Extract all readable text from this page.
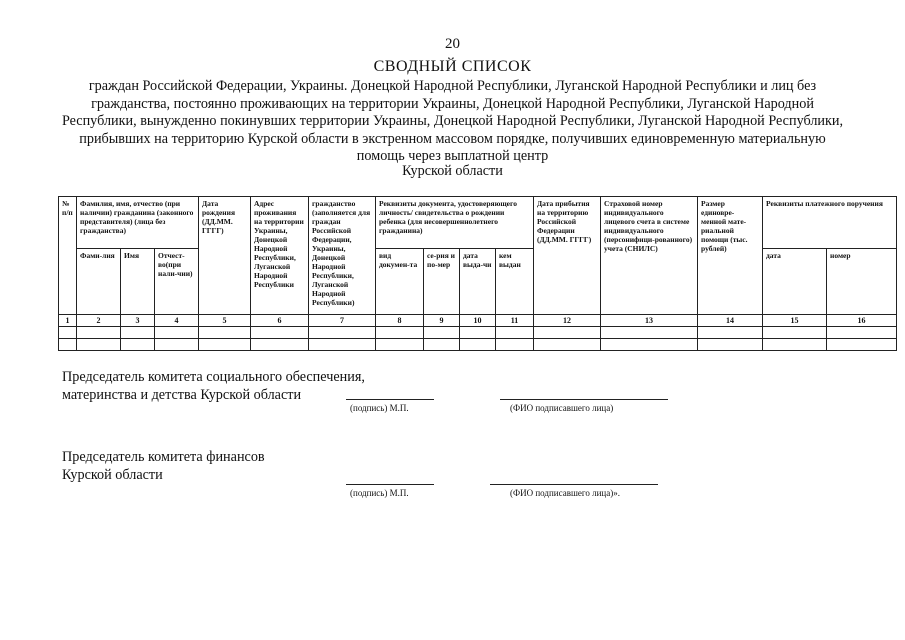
20
СВОДНЫЙ СПИСОК
граждан Российской Федерации, Украины. Донецкой Народной Республики, Луганской Народной Республики и лиц без гражданства, постоянно проживающих на территории Украины, Донецкой Народной Республики, Луганской Народной Республики, вынужденно покинувших территории Украины, Донецкой Народной Республики, Луганской Народной Республики, прибывших на территорию Курской области в экстренном массовом порядке, получивших единовременную материальную помощь через выплатной центр
Курской области
№ п/п	Фамилия, имя, отчество (при наличии) гражданина (законного представителя) (лица без гражданства)			Дата рождения (ДД.ММ. ГГГГ)	Адрес проживания на территории Украины, Донецкой Народной Республики, Луганской Народной Республики	гражданство (заполняется для граждан Российской Федерации, Украины, Донецкой Народной Республики, Луганской Народной Республики)	Реквизиты документа, удостоверяющего личность/ свидетельства о рождении ребенка (для несовершеннолетнего гражданина)				Дата прибытия на территорию Российской Федерации (ДД.ММ. ГГГГ)	Страховой номер индивидуального лицевого счета в системе индивидуального (персонифици-рованного) учета (СНИЛС)	Размер единовре-менной мате-риальной помощи (тыс. рублей)	Реквизиты платежного поручения	
	Фами-лия	Имя	Отчест-во(при нали-чии)				вид докумен-та	се-рия и по-мер	дата выда-чи	кем выдан				дата	номер
1	2	3	4	5	6	7	8	9	10	11	12	13	14	15	16

Председатель комитета социального обеспечения, материнства и детства Курской области
(подпись) М.П.	(ФИО подписавшего лица)
Председатель комитета финансов Курской области
(подпись) М.П.	(ФИО подписавшего лица)».
